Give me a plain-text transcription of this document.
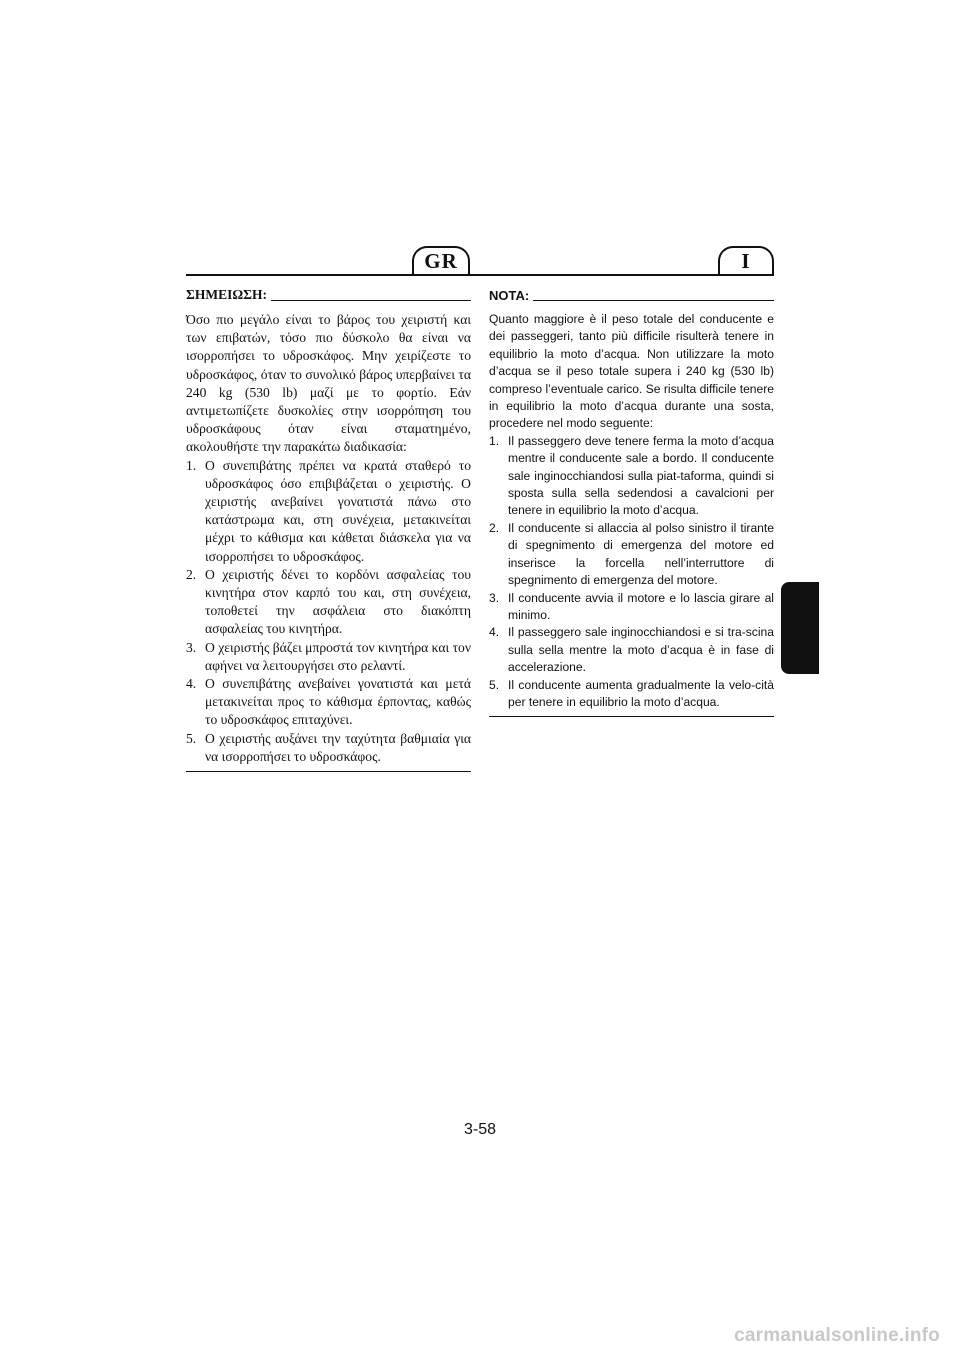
GR	I
ΣΗΜΕΙΩΣΗ:

Όσο πιο μεγάλο είναι το βάρος του χειριστή και των επιβατών, τόσο πιο δύσκολο θα είναι να ισορροπήσει το υδροσκάφος. Μην χειρίζεστε το υδροσκάφος, όταν το συνολικό βάρος υπερβαίνει τα 240 kg (530 lb) μαζί με το φορτίο. Εάν αντιμετωπίζετε δυσκολίες στην ισορρόπηση του υδροσκάφους όταν είναι σταματημένο, ακολουθήστε την παρακάτω διαδικασία:

1. Ο συνεπιβάτης πρέπει να κρατά σταθερό το υδροσκάφος όσο επιβιβάζεται ο χειριστής. Ο χειριστής ανεβαίνει γονατιστά πάνω στο κατάστρωμα και, στη συνέχεια, μετακινείται μέχρι το κάθισμα και κάθεται διάσκελα για να ισορροπήσει το υδροσκάφος.
2. Ο χειριστής δένει το κορδόνι ασφαλείας του κινητήρα στον καρπό του και, στη συνέχεια, τοποθετεί την ασφάλεια στο διακόπτη ασφαλείας του κινητήρα.
3. Ο χειριστής βάζει μπροστά τον κινητήρα και τον αφήνει να λειτουργήσει στο ρελαντί.
4. Ο συνεπιβάτης ανεβαίνει γονατιστά και μετά μετακινείται προς το κάθισμα έρποντας, καθώς το υδροσκάφος επιταχύνει.
5. Ο χειριστής αυξάνει την ταχύτητα βαθμιαία για να ισορροπήσει το υδροσκάφος.
NOTA:

Quanto maggiore è il peso totale del conducente e dei passeggeri, tanto più difficile risulterà tenere in equilibrio la moto d’acqua. Non utilizzare la moto d’acqua se il peso totale supera i 240 kg (530 lb) compreso l’eventuale carico. Se risulta difficile tenere in equilibrio la moto d’acqua durante una sosta, procedere nel modo seguente:

1. Il passeggero deve tenere ferma la moto d’acqua mentre il conducente sale a bordo. Il conducente sale inginocchiandosi sulla piat-taforma, quindi si sposta sulla sella sedendosi a cavalcioni per tenere in equilibrio la moto d’acqua.
2. Il conducente si allaccia al polso sinistro il tirante di spegnimento di emergenza del motore ed inserisce la forcella nell’interruttore di spegnimento di emergenza del motore.
3. Il conducente avvia il motore e lo lascia girare al minimo.
4. Il passeggero sale inginocchiandosi e si tra-scina sulla sella mentre la moto d’acqua è in fase di accelerazione.
5. Il conducente aumenta gradualmente la velo-cità per tenere in equilibrio la moto d’acqua.
3-58
carmanualsonline.info
